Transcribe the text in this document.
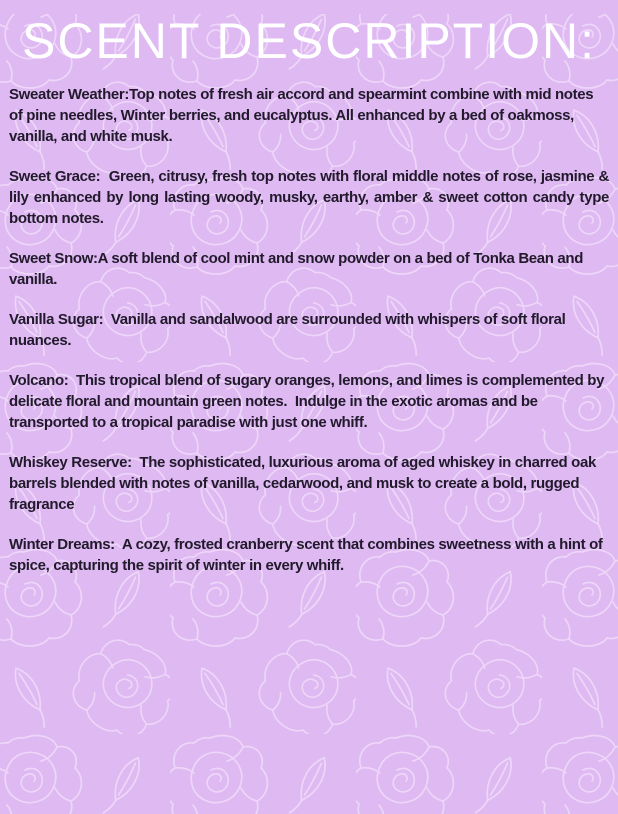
SCENT DESCRIPTION:

Sweater Weather:Top notes of fresh air accord and spearmint combine with mid notes of pine needles, Winter berries, and eucalyptus. All enhanced by a bed of oakmoss, vanilla, and white musk.

Sweet Grace:  Green, citrusy, fresh top notes with floral middle notes of rose, jasmine & lily enhanced by long lasting woody, musky, earthy, amber & sweet cotton candy type bottom notes.

Sweet Snow:A soft blend of cool mint and snow powder on a bed of Tonka Bean and vanilla.

Vanilla Sugar:  Vanilla and sandalwood are surrounded with whispers of soft floral nuances.

Volcano:  This tropical blend of sugary oranges, lemons, and limes is complemented by delicate floral and mountain green notes.  Indulge in the exotic aromas and be transported to a tropical paradise with just one whiff.

Whiskey Reserve:  The sophisticated, luxurious aroma of aged whiskey in charred oak barrels blended with notes of vanilla, cedarwood, and musk to create a bold, rugged fragrance

Winter Dreams:  A cozy, frosted cranberry scent that combines sweetness with a hint of spice, capturing the spirit of winter in every whiff.
